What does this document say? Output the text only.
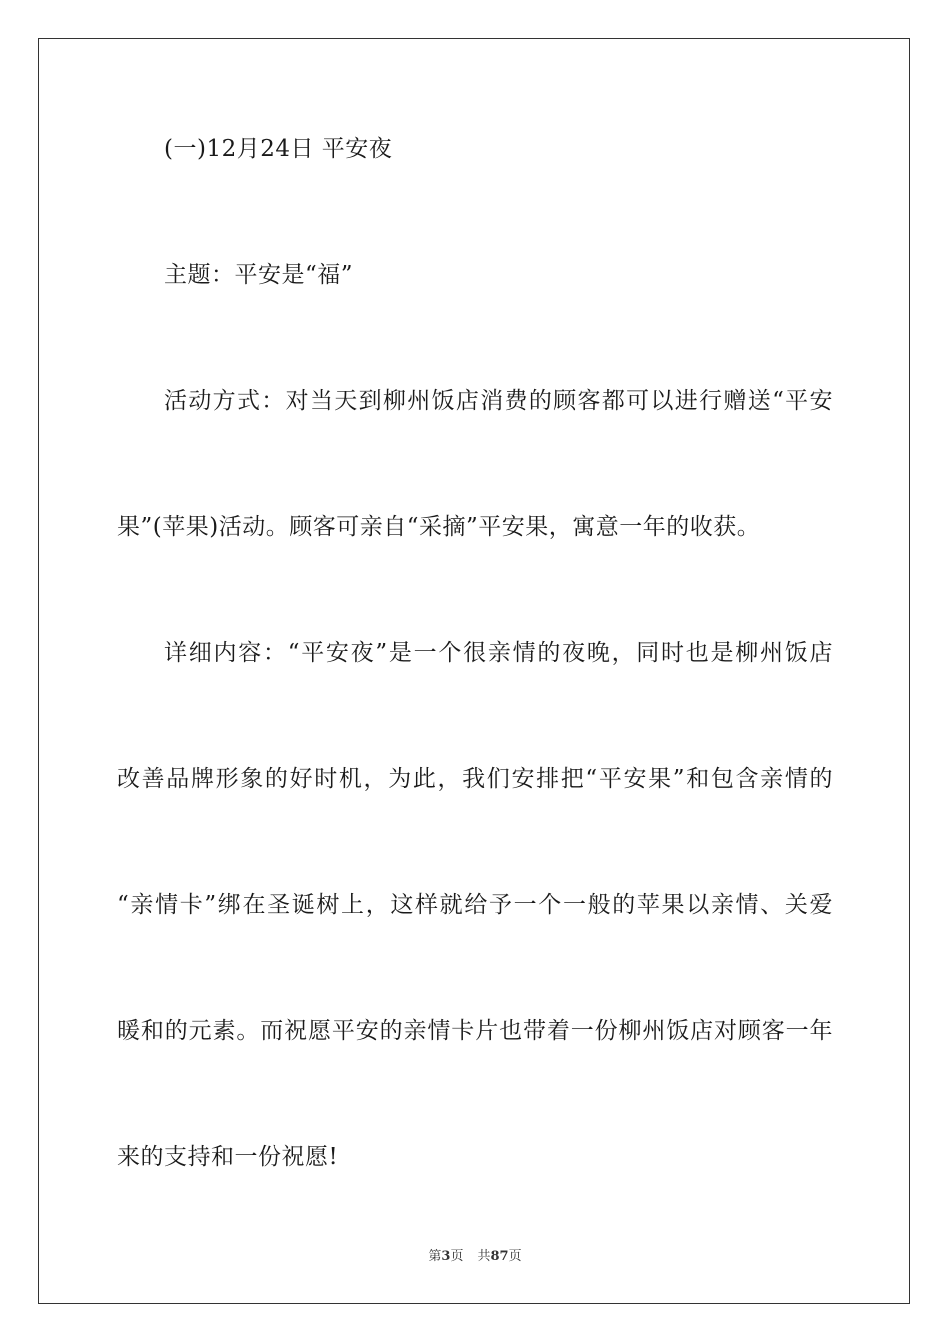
(一)12月24日 平安夜
主题：平安是“福”
活动方式：对当天到柳州饭店消费的顾客都可以进行赠送“平安
果”(苹果)活动。顾客可亲自“采摘”平安果，寓意一年的收获。
详细内容：“平安夜”是一个很亲情的夜晚，同时也是柳州饭店
改善品牌形象的好时机，为此，我们安排把“平安果”和包含亲情的
“亲情卡”绑在圣诞树上，这样就给予一个一般的苹果以亲情、关爱
暖和的元素。而祝愿平安的亲情卡片也带着一份柳州饭店对顾客一年
来的支持和一份祝愿!
第3页 共87页
